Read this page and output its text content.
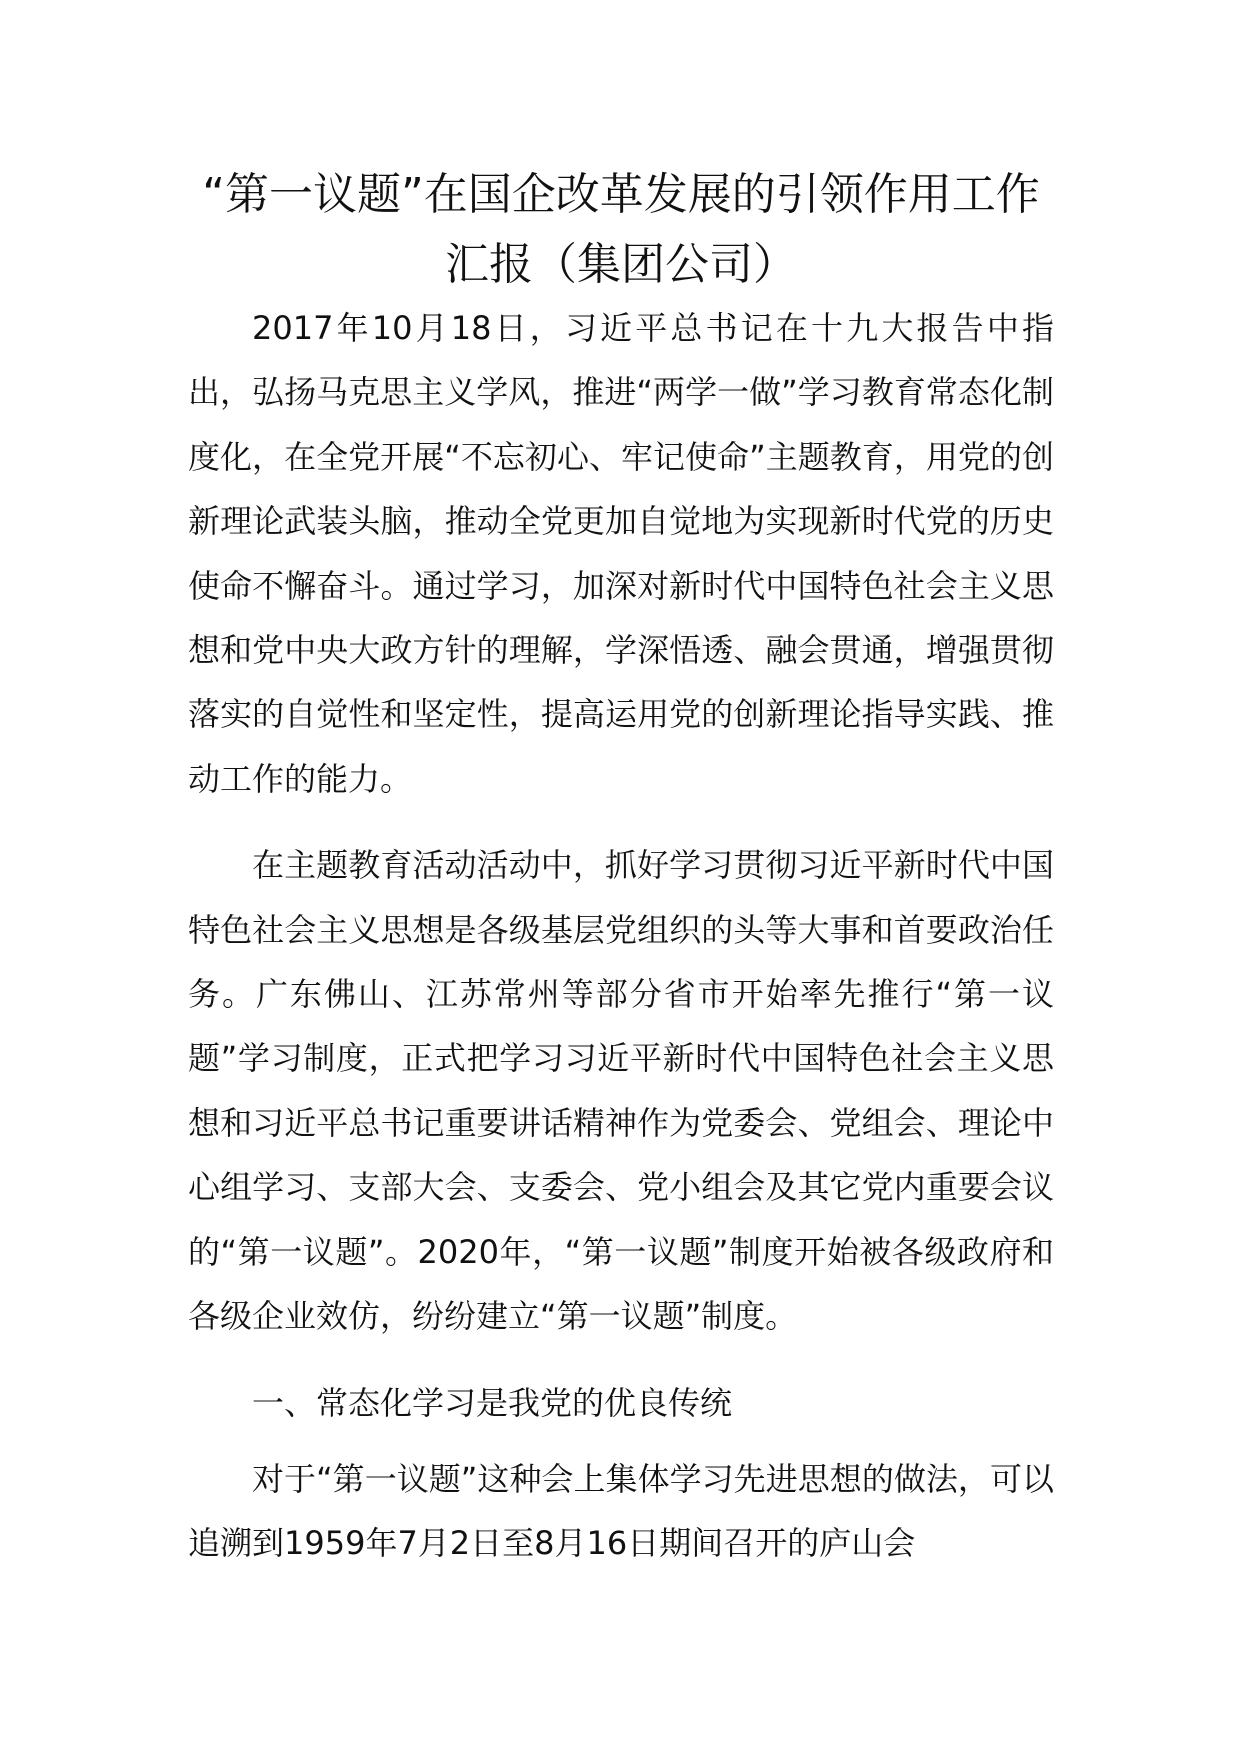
“第一议题”在国企改革发展的引领作用工作汇报（集团公司）

2017年10月18日，习近平总书记在十九大报告中指出，弘扬马克思主义学风，推进“两学一做”学习教育常态化制度化，在全党开展“不忘初心、牢记使命”主题教育，用党的创新理论武装头脑，推动全党更加自觉地为实现新时代党的历史使命不懈奋斗。通过学习，加深对新时代中国特色社会主义思想和党中央大政方针的理解，学深悟透、融会贯通，增强贯彻落实的自觉性和坚定性，提高运用党的创新理论指导实践、推动工作的能力。

在主题教育活动活动中，抓好学习贯彻习近平新时代中国特色社会主义思想是各级基层党组织的头等大事和首要政治任务。广东佛山、江苏常州等部分省市开始率先推行“第一议题”学习制度，正式把学习习近平新时代中国特色社会主义思想和习近平总书记重要讲话精神作为党委会、党组会、理论中心组学习、支部大会、支委会、党小组会及其它党内重要会议的“第一议题”。2020年，“第一议题”制度开始被各级政府和各级企业效仿，纷纷建立“第一议题”制度。

一、常态化学习是我党的优良传统

对于“第一议题”这种会上集体学习先进思想的做法，可以追溯到1959年7月2日至8月16日期间召开的庐山会
